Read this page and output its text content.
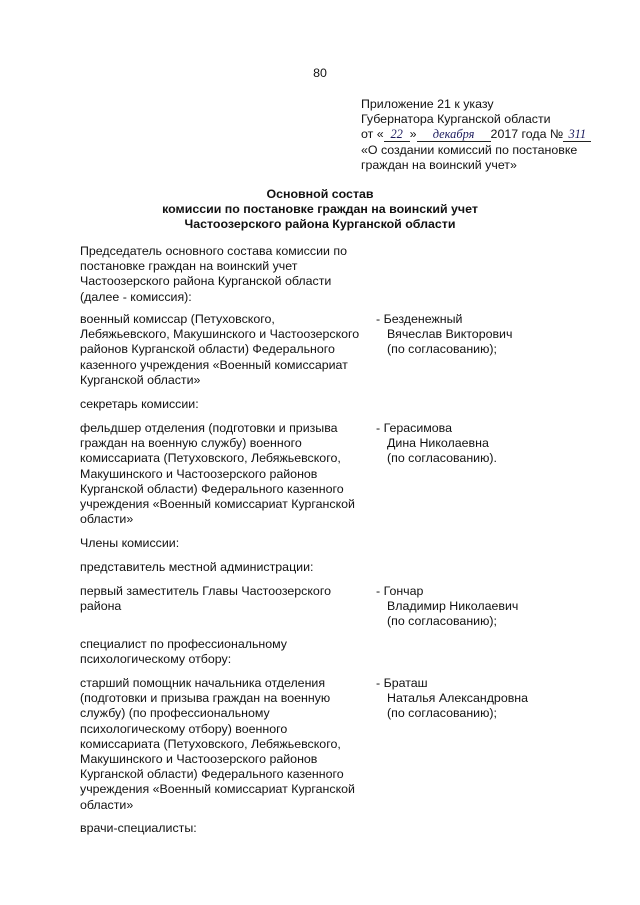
80
Приложение 21 к указу
Губернатора Курганской области
от « 22 » декабря 2017 года № 311
«О создании комиссий по постановке
граждан на воинский учет»
Основной состав
комиссии по постановке граждан на воинский учет
Частоозерского района Курганской области
Председатель основного состава комиссии по
постановке граждан на воинский учет
Частоозерского района Курганской области
(далее - комиссия):
военный комиссар (Петуховского,
Лебяжьевского, Макушинского и Частоозерского
районов Курганской области) Федерального
казенного учреждения «Военный комиссариат
Курганской области»
- Безденежный
Вячеслав Викторович
(по согласованию);
секретарь комиссии:
фельдшер отделения (подготовки и призыва
граждан на военную службу) военного
комиссариата (Петуховского, Лебяжьевского,
Макушинского и Частоозерского районов
Курганской области) Федерального казенного
учреждения «Военный комиссариат Курганской
области»
- Герасимова
Дина Николаевна
(по согласованию).
Члены комиссии:
представитель местной администрации:
первый заместитель Главы Частоозерского
района
- Гончар
Владимир Николаевич
(по согласованию);
специалист по профессиональному
психологическому отбору:
старший помощник начальника отделения
(подготовки и призыва граждан на военную
службу) (по профессиональному
психологическому отбору) военного
комиссариата (Петуховского, Лебяжьевского,
Макушинского и Частоозерского районов
Курганской области) Федерального казенного
учреждения «Военный комиссариат Курганской
области»
- Браташ
Наталья Александровна
(по согласованию);
врачи-специалисты:
